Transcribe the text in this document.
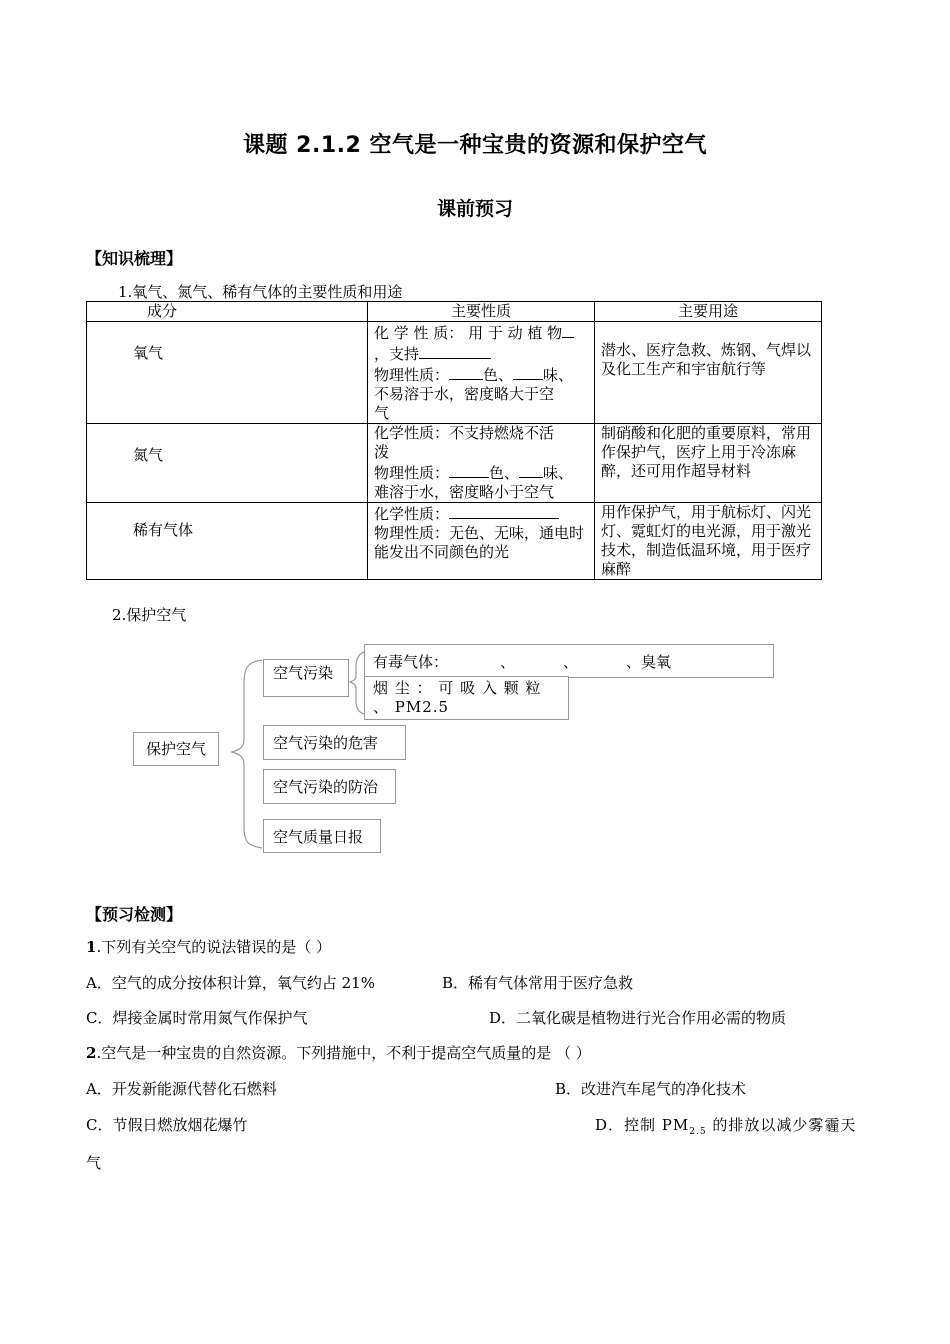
课题 2.1.2 空气是一种宝贵的资源和保护空气
课前预习
【知识梳理】
1.氧气、氮气、稀有气体的主要性质和用途
成分	主要性质	主要用途
氧气	化 学 性 质： 用 于 动 植 物
，支持
物理性质： 色、 味、
不易溶于水，密度略大于空
气	潜水、医疗急救、炼钢、气焊以及化工生产和宇宙航行等
氮气	化学性质：不支持燃烧不活
泼
物理性质： 色、 味、
难溶于水，密度略小于空气	制硝酸和化肥的重要原料，常用作保护气，医疗上用于冷冻麻醉，还可用作超导材料
稀有气体	化学性质：
物理性质：无色、无味，通电时能发出不同颜色的光	用作保护气，用于航标灯、闪光灯、霓虹灯的电光源，用于激光技术，制造低温环境，用于医疗麻醉
2.保护空气
保护空气
空气污染
有毒气体：	、	、	、臭氧
烟 尘 ： 可 吸 入 颗 粒 、 PM2.5
空气污染的危害
空气污染的防治
空气质量日报
【预习检测】
1.下列有关空气的说法错误的是（ ）
A．空气的成分按体积计算，氧气约占 21%	B．稀有气体常用于医疗急救
C．焊接金属时常用氮气作保护气	D．二氧化碳是植物进行光合作用必需的物质
2.空气是一种宝贵的自然资源。下列措施中，不利于提高空气质量的是 （ ）
A．开发新能源代替化石燃料	B．改进汽车尾气的净化技术
C．节假日燃放烟花爆竹	D．控制 $PM_{2.5}$ 的排放以减少雾霾天
气
